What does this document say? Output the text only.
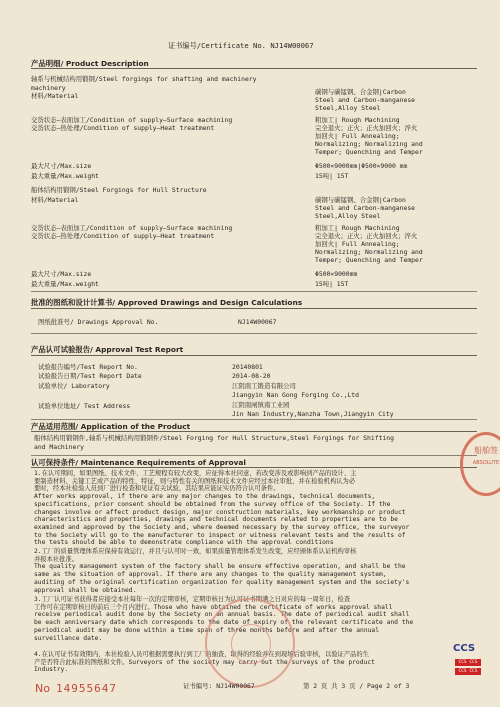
证书编号/Certificate No. NJ14W00067
产品明细/ Product Description
轴系与机械结构用锻钢/Steel forgings for shafting and machinery
machinery
材料/Material	碳钢与碳锰钢、合金钢|Carbon
Steel and Carbon-manganese
Steel,Alloy Steel
交货状态—表面加工/Condition of supply—Surface machining	粗加工| Rough Machining
交货状态—热处理/Condition of supply—Heat treatment	完全退火；正火；正火加回火；淬火
加回火| Full Annealing;
Normalizing; Normalizing and
Temper; Quenching and Temper
最大尺寸/Max.size	Φ500×9000mm|Φ500×9000 mm
最大重量/Max.weight	15吨| 15T
船体结构用锻钢/Steel Forgings for Hull Structure
材料/Material	碳钢与碳锰钢、合金钢|Carbon
Steel and Carbon-manganese
Steel,Alloy Steel
交货状态—表面加工/Condition of supply—Surface machining	粗加工| Rough Machining
交货状态—热处理/Condition of supply—Heat treatment	完全退火；正火；正火加回火；淬火
加回火| Full Annealing;
Normalizing; Normalizing and
Temper; Quenching and Temper
最大尺寸/Max.size	Φ500×9000mm
最大重量/Max.weight	15吨| 15T
批准的图纸和设计计算书/ Approved Drawings and Design Calculations
图纸批准号/ Drawings Approval No.	NJ14W00067
产品认可试验报告/ Approval Test Report
试验报告编号/Test Report No.	20140801
试验报告日期/Test Report Date	2014-08-20
试验单位/ Laboratory	江阴南工锻造有限公司
Jiangyin Nan Gong Forging Co.,Ltd
试验单位地址/ Test Address	江阴南闸镇南工业园
Jin Nan Industry,Nanzha Town,Jiangyin City
产品适用范围/ Application of the Product
船体结构用锻钢件,轴系与机械结构用锻钢件/Steel Forging for Hull Structure,Steel Forgings for Shifting
and Machinery
认可保持条件/ Maintenance Requirements of Approval
1.在认可期间，如果图纸、技术文件、工艺规程有较大改变，应征得本社同意，若改变涉及或影响到产品的设计、主
要制造材料、关键工艺或产品的特性、特征，则与特性有关的图纸和技术文件应经过本社审批，并在检验机构认为必
要时，经本社检验人员到厂进行检查和见证有关试验，其结果应能证实仍符合认可条件。
After works approval, if there are any major changes to the drawings, technical documents,
specifications, prior consent should be obtained from the survey office of the Society. If the
changes involve or affect product design, major construction materials, key workmanship or product
characteristics and properties, drawings and technical documents related to properties are to be
examined and approved by the Society and, where deemed necessary by the survey office, the surveyor
to the Society will go to the manufacturer to inspect or witness relevant tests and the results of
the tests should be able to demonstrate compliance with the approval conditions
2.工厂的质量管理体系应保持有效运行，并且与认可时一致，如果质量管理体系发生改变，应经颁体系认证机构审核
并报本社批准。
The quality management system of the factory shall be ensure effective operation, and shall be the
same as the situation of approval. If there are any changes to the quality management system,
auditing of the original certification organization for quality management system and the society's
approval shall be obtained.
3.工厂认可证书获得者应接受本社每年一次的定期审核，定期审核日为认可证书期满之日对应的每一周年日，检查
工作可在定期审核日的前后三个月内进行。Those who have obtained the certificate of works approval shall
receive periodical audit done by the Society on an annual basis. The date of periodical audit shall
be each anniversary date which corresponds to the date of expiry of the relevant certificate and the
periodical audit may be done within a time span of three months before and after the annual
surveillance date.
4.在认可证书有效期内，本社检验人员可根据需要执行到工厂的抽查，取得的经验并在到现场后验审核，以验证产品的生
产是否符合此标准的图纸和文件。Surveyors of the society may carry out the surveys of the product
Industry.
船舶签
ABSOLUTE
CCS
CCS CCS
CCS CCS
No 14955647	证书编号: NJ14W00067	第 2 页 共 3 页 / Page 2 of 3
